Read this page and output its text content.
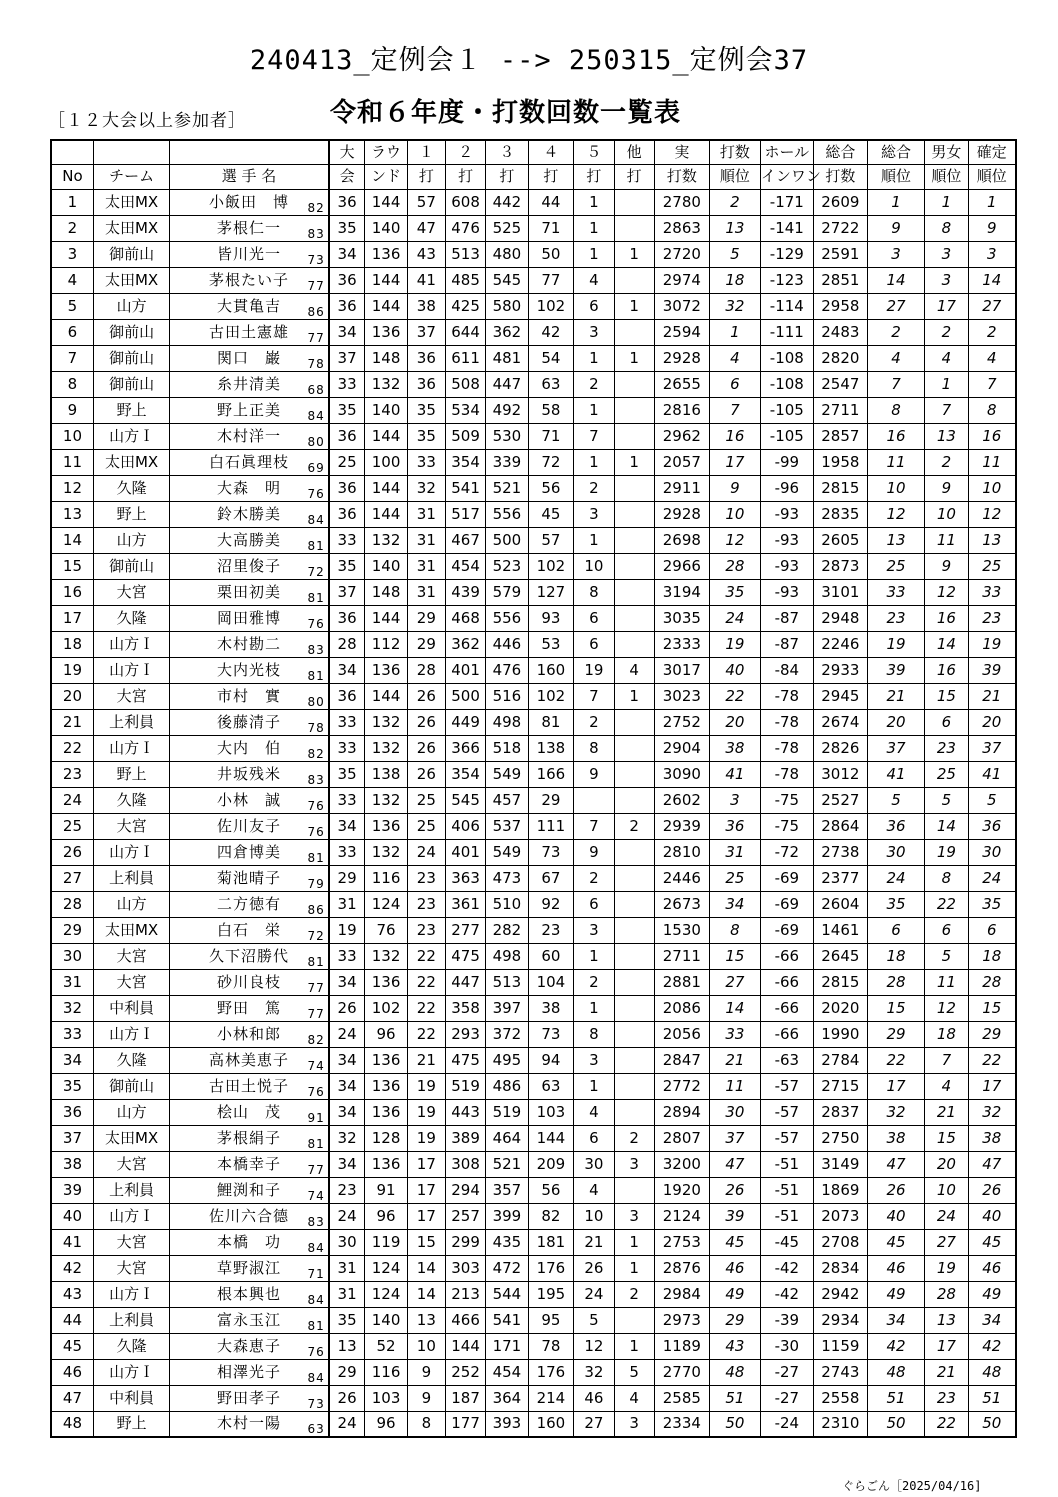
240413_定例会１ --> 250315_定例会37
［１２大会以上参加者］	令和６年度・打数回数一覧表
			大	ラウ	１	２	３	４	５	他	実	打数	ホール	総合	総合	男女	確定
No	チーム	選 手 名	会	ンド	打	打	打	打	打	打	打数	順位	インワン	打数	順位	順位	順位
1	太田MX	小飯田　博 82	36	144	57	608	442	44	1		2780	2	-171	2609	1	1	1
2	太田MX	茅根仁一 83	35	140	47	476	525	71	1		2863	13	-141	2722	9	8	9
3	御前山	皆川光一 73	34	136	43	513	480	50	1	1	2720	5	-129	2591	3	3	3
4	太田MX	茅根たい子 77	36	144	41	485	545	77	4		2974	18	-123	2851	14	3	14
5	山方	大貫亀吉 86	36	144	38	425	580	102	6	1	3072	32	-114	2958	27	17	27
6	御前山	古田土憲雄 77	34	136	37	644	362	42	3		2594	1	-111	2483	2	2	2
7	御前山	関口　巌 78	37	148	36	611	481	54	1	1	2928	4	-108	2820	4	4	4
8	御前山	糸井清美 68	33	132	36	508	447	63	2		2655	6	-108	2547	7	1	7
9	野上	野上正美 84	35	140	35	534	492	58	1		2816	7	-105	2711	8	7	8
10	山方Ｉ	木村洋一 80	36	144	35	509	530	71	7		2962	16	-105	2857	16	13	16
11	太田MX	白石眞理枝 69	25	100	33	354	339	72	1	1	2057	17	-99	1958	11	2	11
12	久隆	大森　明 76	36	144	32	541	521	56	2		2911	9	-96	2815	10	9	10
13	野上	鈴木勝美 84	36	144	31	517	556	45	3		2928	10	-93	2835	12	10	12
14	山方	大高勝美 81	33	132	31	467	500	57	1		2698	12	-93	2605	13	11	13
15	御前山	沼里俊子 72	35	140	31	454	523	102	10		2966	28	-93	2873	25	9	25
16	大宮	栗田初美 81	37	148	31	439	579	127	8		3194	35	-93	3101	33	12	33
17	久隆	岡田雅博 76	36	144	29	468	556	93	6		3035	24	-87	2948	23	16	23
18	山方Ｉ	木村勘二 83	28	112	29	362	446	53	6		2333	19	-87	2246	19	14	19
19	山方Ｉ	大内光枝 81	34	136	28	401	476	160	19	4	3017	40	-84	2933	39	16	39
20	大宮	市村　實 80	36	144	26	500	516	102	7	1	3023	22	-78	2945	21	15	21
21	上利員	後藤清子 78	33	132	26	449	498	81	2		2752	20	-78	2674	20	6	20
22	山方Ｉ	大内　伯 82	33	132	26	366	518	138	8		2904	38	-78	2826	37	23	37
23	野上	井坂残米 83	35	138	26	354	549	166	9		3090	41	-78	3012	41	25	41
24	久隆	小林　誠 76	33	132	25	545	457	29			2602	3	-75	2527	5	5	5
25	大宮	佐川友子 76	34	136	25	406	537	111	7	2	2939	36	-75	2864	36	14	36
26	山方Ｉ	四倉博美 81	33	132	24	401	549	73	9		2810	31	-72	2738	30	19	30
27	上利員	菊池晴子 79	29	116	23	363	473	67	2		2446	25	-69	2377	24	8	24
28	山方	二方徳有 86	31	124	23	361	510	92	6		2673	34	-69	2604	35	22	35
29	太田MX	白石　栄 72	19	76	23	277	282	23	3		1530	8	-69	1461	6	6	6
30	大宮	久下沼勝代 81	33	132	22	475	498	60	1		2711	15	-66	2645	18	5	18
31	大宮	砂川良枝 77	34	136	22	447	513	104	2		2881	27	-66	2815	28	11	28
32	中利員	野田　篤 77	26	102	22	358	397	38	1		2086	14	-66	2020	15	12	15
33	山方Ｉ	小林和郎 82	24	96	22	293	372	73	8		2056	33	-66	1990	29	18	29
34	久隆	高林美恵子 74	34	136	21	475	495	94	3		2847	21	-63	2784	22	7	22
35	御前山	古田土悦子 76	34	136	19	519	486	63	1		2772	11	-57	2715	17	4	17
36	山方	桧山　茂 91	34	136	19	443	519	103	4		2894	30	-57	2837	32	21	32
37	太田MX	茅根絹子 81	32	128	19	389	464	144	6	2	2807	37	-57	2750	38	15	38
38	大宮	本橋幸子 77	34	136	17	308	521	209	30	3	3200	47	-51	3149	47	20	47
39	上利員	鯉渕和子 74	23	91	17	294	357	56	4		1920	26	-51	1869	26	10	26
40	山方Ｉ	佐川六合德 83	24	96	17	257	399	82	10	3	2124	39	-51	2073	40	24	40
41	大宮	本橋　功 84	30	119	15	299	435	181	21	1	2753	45	-45	2708	45	27	45
42	大宮	草野淑江 71	31	124	14	303	472	176	26	1	2876	46	-42	2834	46	19	46
43	山方Ｉ	根本興也 84	31	124	14	213	544	195	24	2	2984	49	-42	2942	49	28	49
44	上利員	富永玉江 81	35	140	13	466	541	95	5		2973	29	-39	2934	34	13	34
45	久隆	大森恵子 76	13	52	10	144	171	78	12	1	1189	43	-30	1159	42	17	42
46	山方Ｉ	相澤光子 84	29	116	9	252	454	176	32	5	2770	48	-27	2743	48	21	48
47	中利員	野田孝子 73	26	103	9	187	364	214	46	4	2585	51	-27	2558	51	23	51
48	野上	木村一陽 63	24	96	8	177	393	160	27	3	2334	50	-24	2310	50	22	50
ぐらごん［2025/04/16]
